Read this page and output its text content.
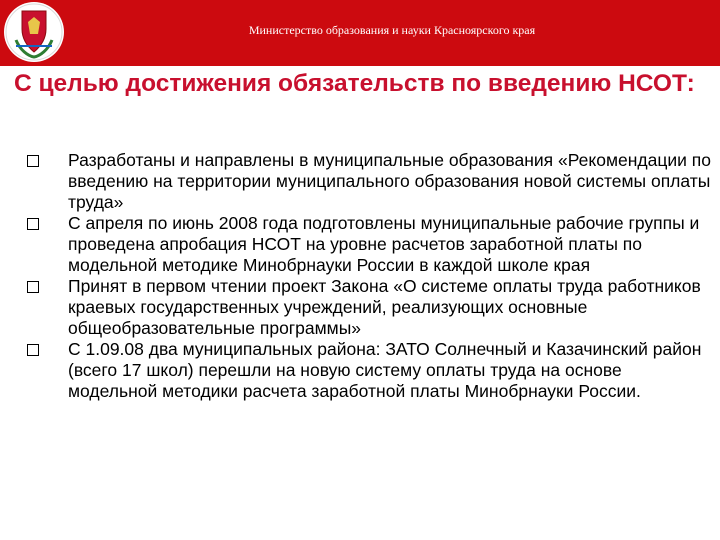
Министерство образования и науки Красноярского края
С целью достижения обязательств по введению НСОТ:
Разработаны и направлены в муниципальные образования «Рекомендации по введению на территории муниципального образования новой системы оплаты труда»
С апреля по июнь 2008 года подготовлены муниципальные рабочие группы и проведена апробация НСОТ на уровне расчетов заработной платы по модельной методике Минобрнауки России в каждой школе края
Принят в первом чтении проект Закона «О системе оплаты труда работников краевых государственных учреждений, реализующих основные общеобразовательные программы»
С 1.09.08 два муниципальных района: ЗАТО Солнечный и Казачинский район (всего 17 школ) перешли на новую систему оплаты труда на основе модельной методики расчета заработной платы Минобрнауки России.
